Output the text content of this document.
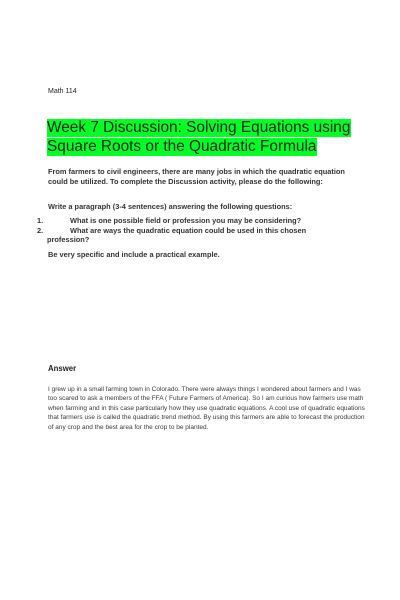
Math 114
Week 7 Discussion: Solving Equations using Square Roots or the Quadratic Formula

From farmers to civil engineers, there are many jobs in which the quadratic equation could be utilized. To complete the Discussion activity, please do the following:

Write a paragraph (3-4 sentences) answering the following questions:

1.	What is one possible field or profession you may be considering?
2.	What are ways the quadratic equation could be used in this chosen
profession?

Be very specific and include a practical example.

Answer

I grew up in a small farming town in Colorado. There were always things I wondered about farmers and I was too scared to ask a members of the FFA ( Future Farmers of America). So I am curious how farmers use math when farming and in this case particularly how they use quadratic equations. A cool use of quadratic equations that farmers use is called the quadratic trend method. By using this farmers are able to forecast the production of any crop and the best area for the crop to be planted.
